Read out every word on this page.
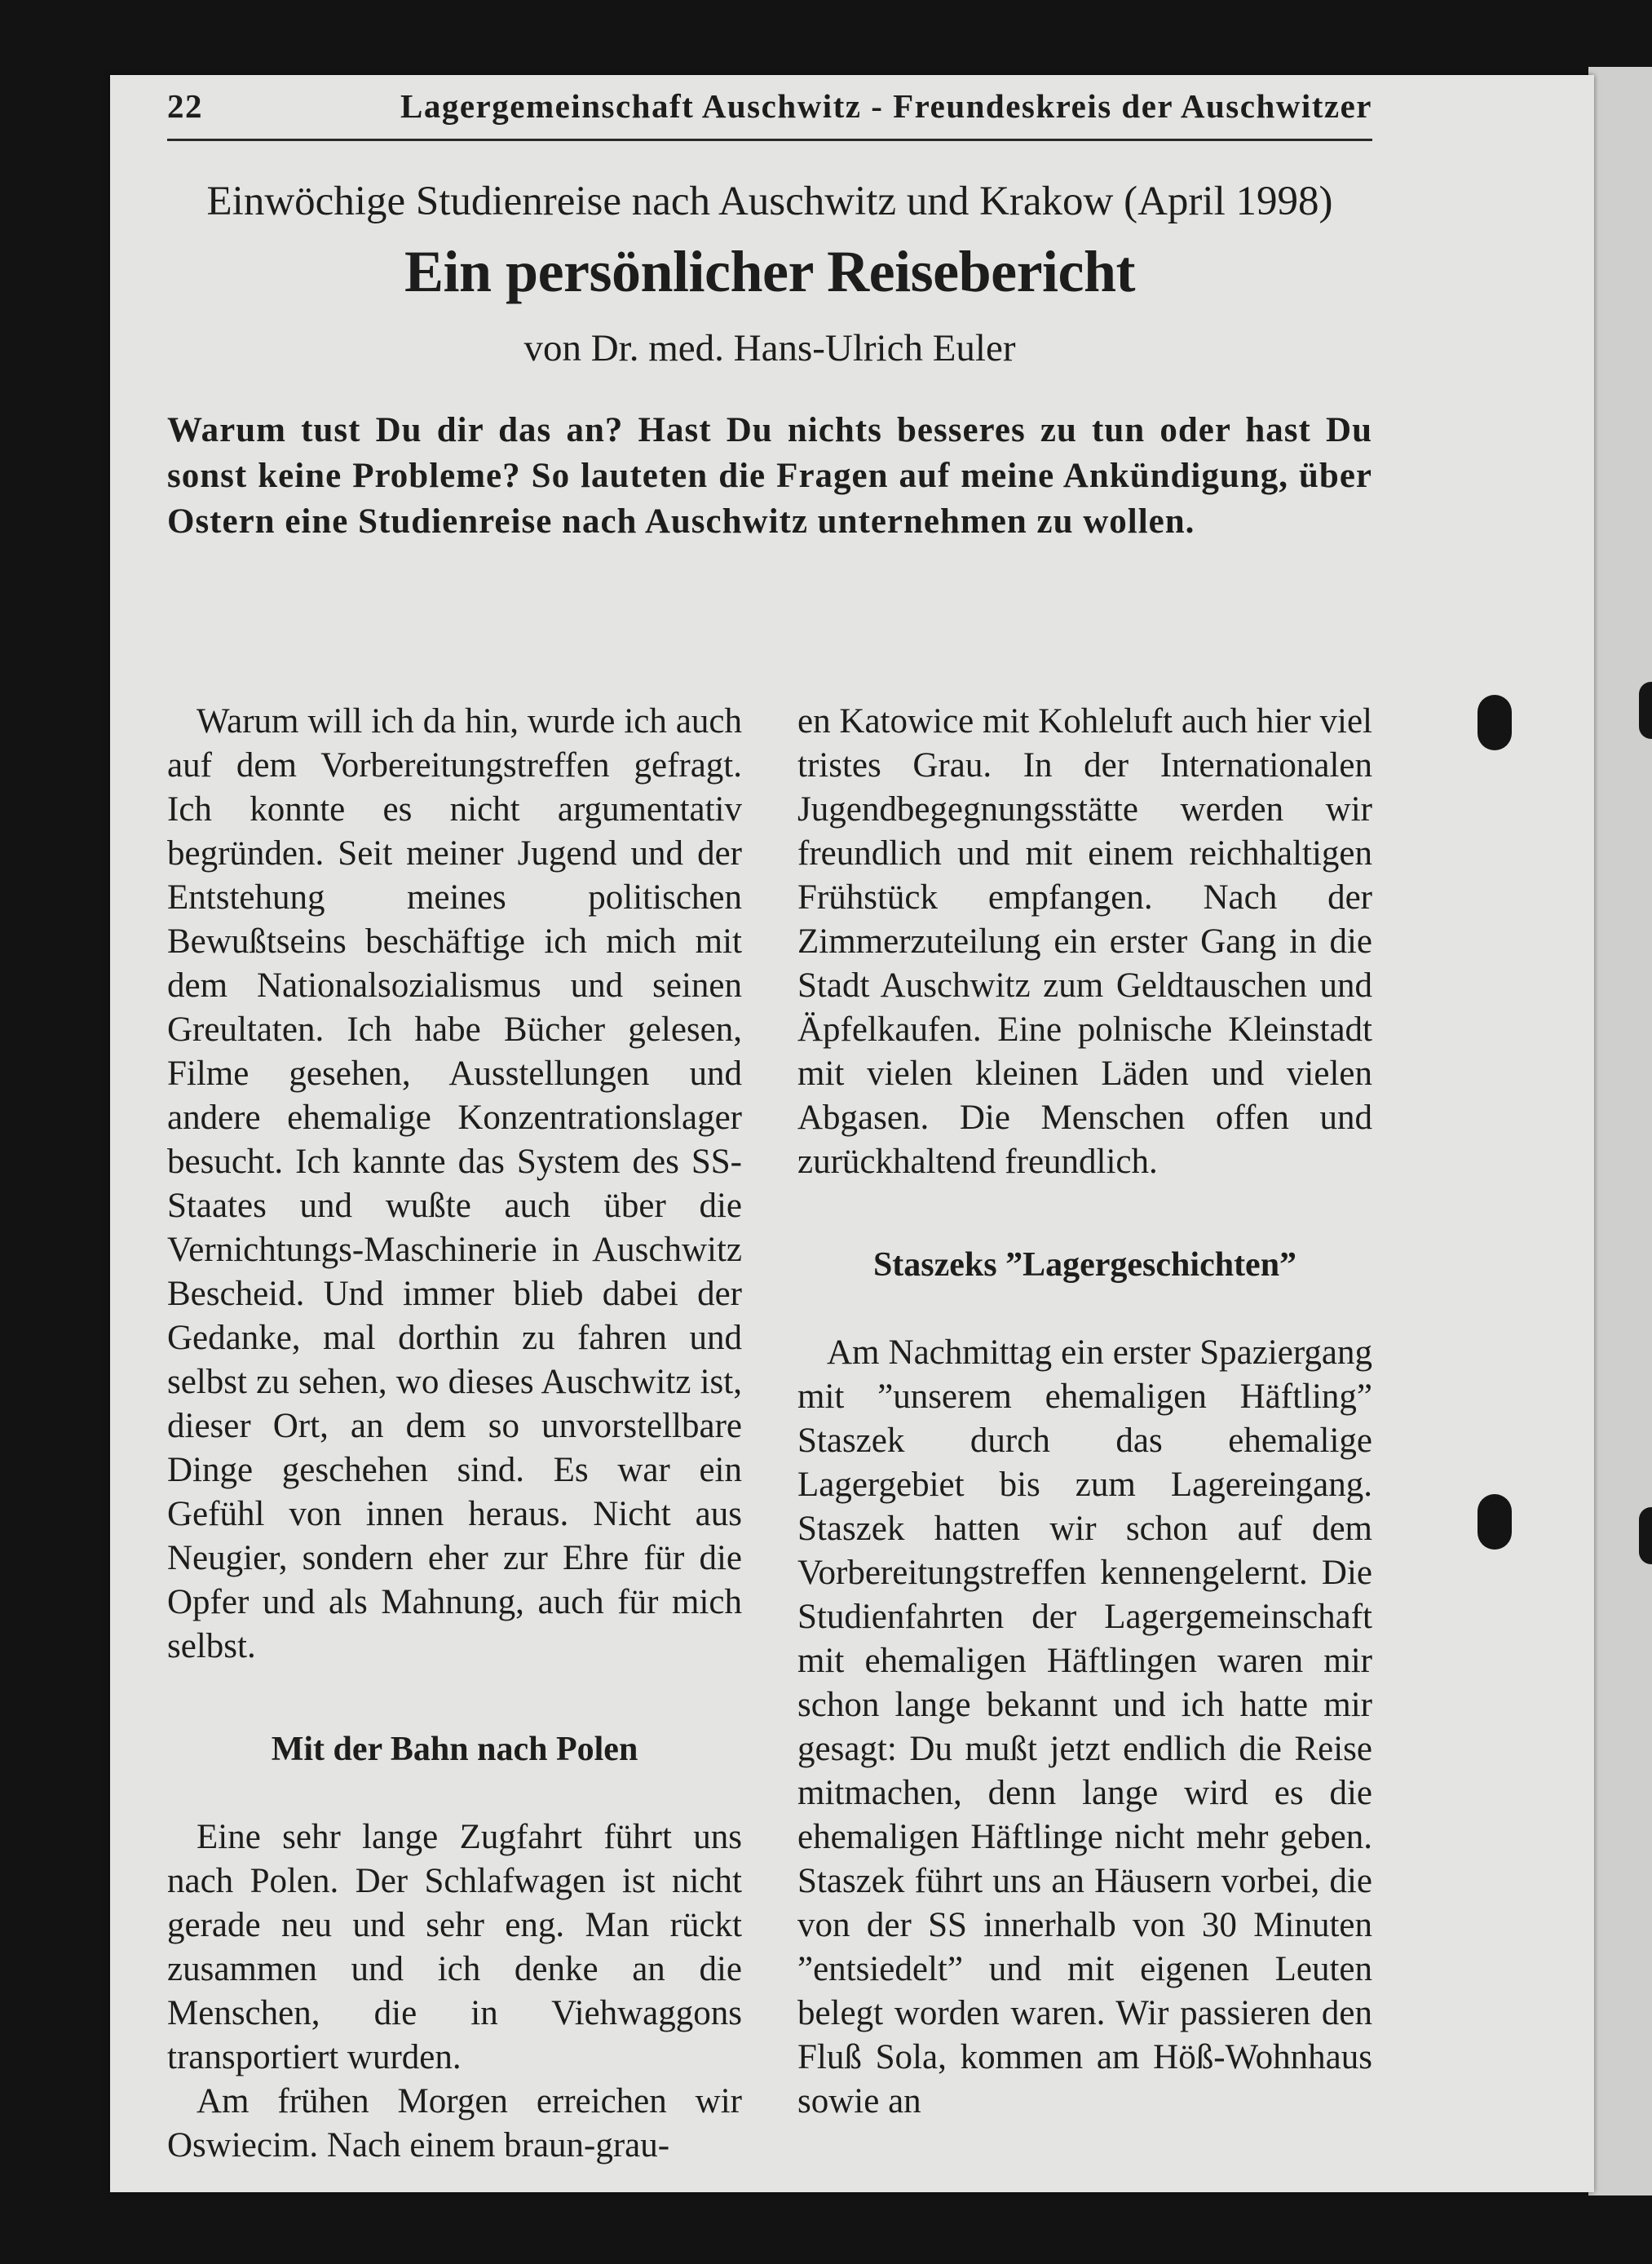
22	Lagergemeinschaft Auschwitz - Freundeskreis der Auschwitzer
Einwöchige Studienreise nach Auschwitz und Krakow (April 1998)
Ein persönlicher Reisebericht
von Dr. med. Hans-Ulrich Euler
Warum tust Du dir das an? Hast Du nichts besseres zu tun oder hast Du sonst keine Probleme? So lauteten die Fragen auf meine Ankündigung, über Ostern eine Studienreise nach Auschwitz unternehmen zu wollen.

Warum will ich da hin, wurde ich auch auf dem Vorbereitungstreffen gefragt. Ich konnte es nicht argumentativ begründen. Seit meiner Jugend und der Entstehung meines politischen Bewußtseins beschäftige ich mich mit dem Nationalsozialismus und seinen Greultaten. Ich habe Bücher gelesen, Filme gesehen, Ausstellungen und andere ehemalige Konzentrationslager besucht. Ich kannte das System des SS-Staates und wußte auch über die Vernichtungs-Maschinerie in Auschwitz Bescheid. Und immer blieb dabei der Gedanke, mal dorthin zu fahren und selbst zu sehen, wo dieses Auschwitz ist, dieser Ort, an dem so unvorstellbare Dinge geschehen sind. Es war ein Gefühl von innen heraus. Nicht aus Neugier, sondern eher zur Ehre für die Opfer und als Mahnung, auch für mich selbst.

Mit der Bahn nach Polen

Eine sehr lange Zugfahrt führt uns nach Polen. Der Schlafwagen ist nicht gerade neu und sehr eng. Man rückt zusammen und ich denke an die Menschen, die in Viehwaggons transportiert wurden.

Am frühen Morgen erreichen wir Oswiecim. Nach einem braun-grau-

en Katowice mit Kohleluft auch hier viel tristes Grau. In der Internationalen Jugendbegegnungsstätte werden wir freundlich und mit einem reichhaltigen Frühstück empfangen. Nach der Zimmerzuteilung ein erster Gang in die Stadt Auschwitz zum Geldtauschen und Äpfelkaufen. Eine polnische Kleinstadt mit vielen kleinen Läden und vielen Abgasen. Die Menschen offen und zurückhaltend freundlich.

Staszeks ”Lagergeschichten”

Am Nachmittag ein erster Spaziergang mit ”unserem ehemaligen Häftling” Staszek durch das ehemalige Lagergebiet bis zum Lagereingang. Staszek hatten wir schon auf dem Vorbereitungstreffen kennengelernt. Die Studienfahrten der Lagergemeinschaft mit ehemaligen Häftlingen waren mir schon lange bekannt und ich hatte mir gesagt: Du mußt jetzt endlich die Reise mitmachen, denn lange wird es die ehemaligen Häftlinge nicht mehr geben. Staszek führt uns an Häusern vorbei, die von der SS innerhalb von 30 Minuten ”entsiedelt” und mit eigenen Leuten belegt worden waren. Wir passieren den Fluß Sola, kommen am Höß-Wohnhaus sowie an
